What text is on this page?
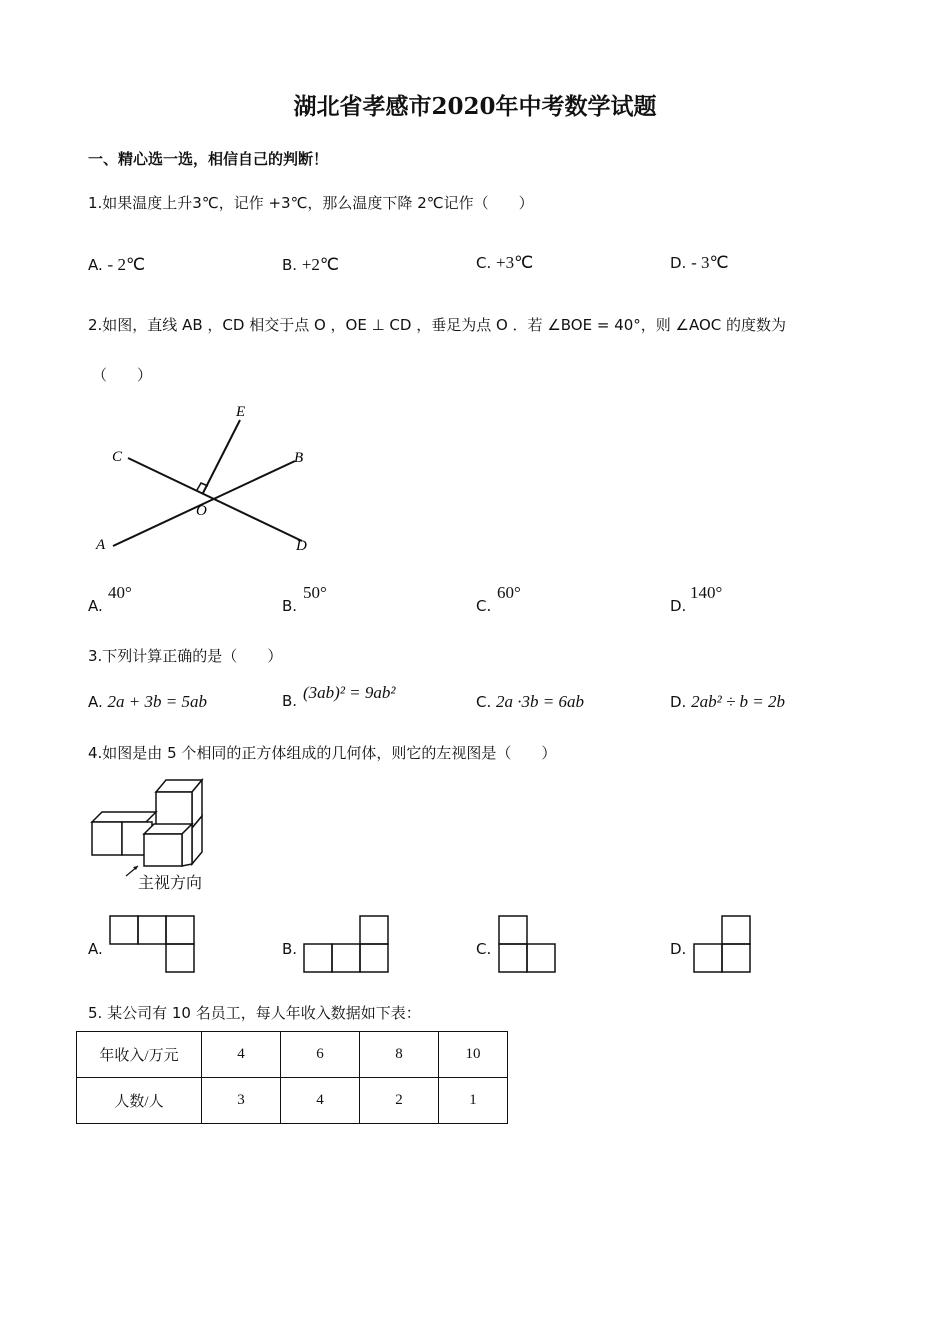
湖北省孝感市2020年中考数学试题
一、精心选一选，相信自己的判断！
1.如果温度上升3℃，记作 +3℃，那么温度下降 2℃记作（　　）
A. - 2℃	B. +2℃	C. +3℃	D. - 3℃
2.如图，直线 AB ，CD 相交于点 O ，OE ⊥ CD ，垂足为点 O ．若 ∠BOE = 40°，则 ∠AOC 的度数为
（　　）
E
C	B
O
A	D
A.
40°
B.
50°
C.
60°
D.
140°
3.下列计算正确的是（　　）
A. 2a + 3b = 5ab	B. (3ab)² = 9ab²	C. 2a ·3b = 6ab	D. 2ab² ÷ b = 2b
4.如图是由 5 个相同的正方体组成的几何体，则它的左视图是（　　）
主视方向
A.	B.	C.	D.
5. 某公司有 10 名员工，每人年收入数据如下表：
年收入/万元	4	6	8	10
人数/人	3	4	2	1
